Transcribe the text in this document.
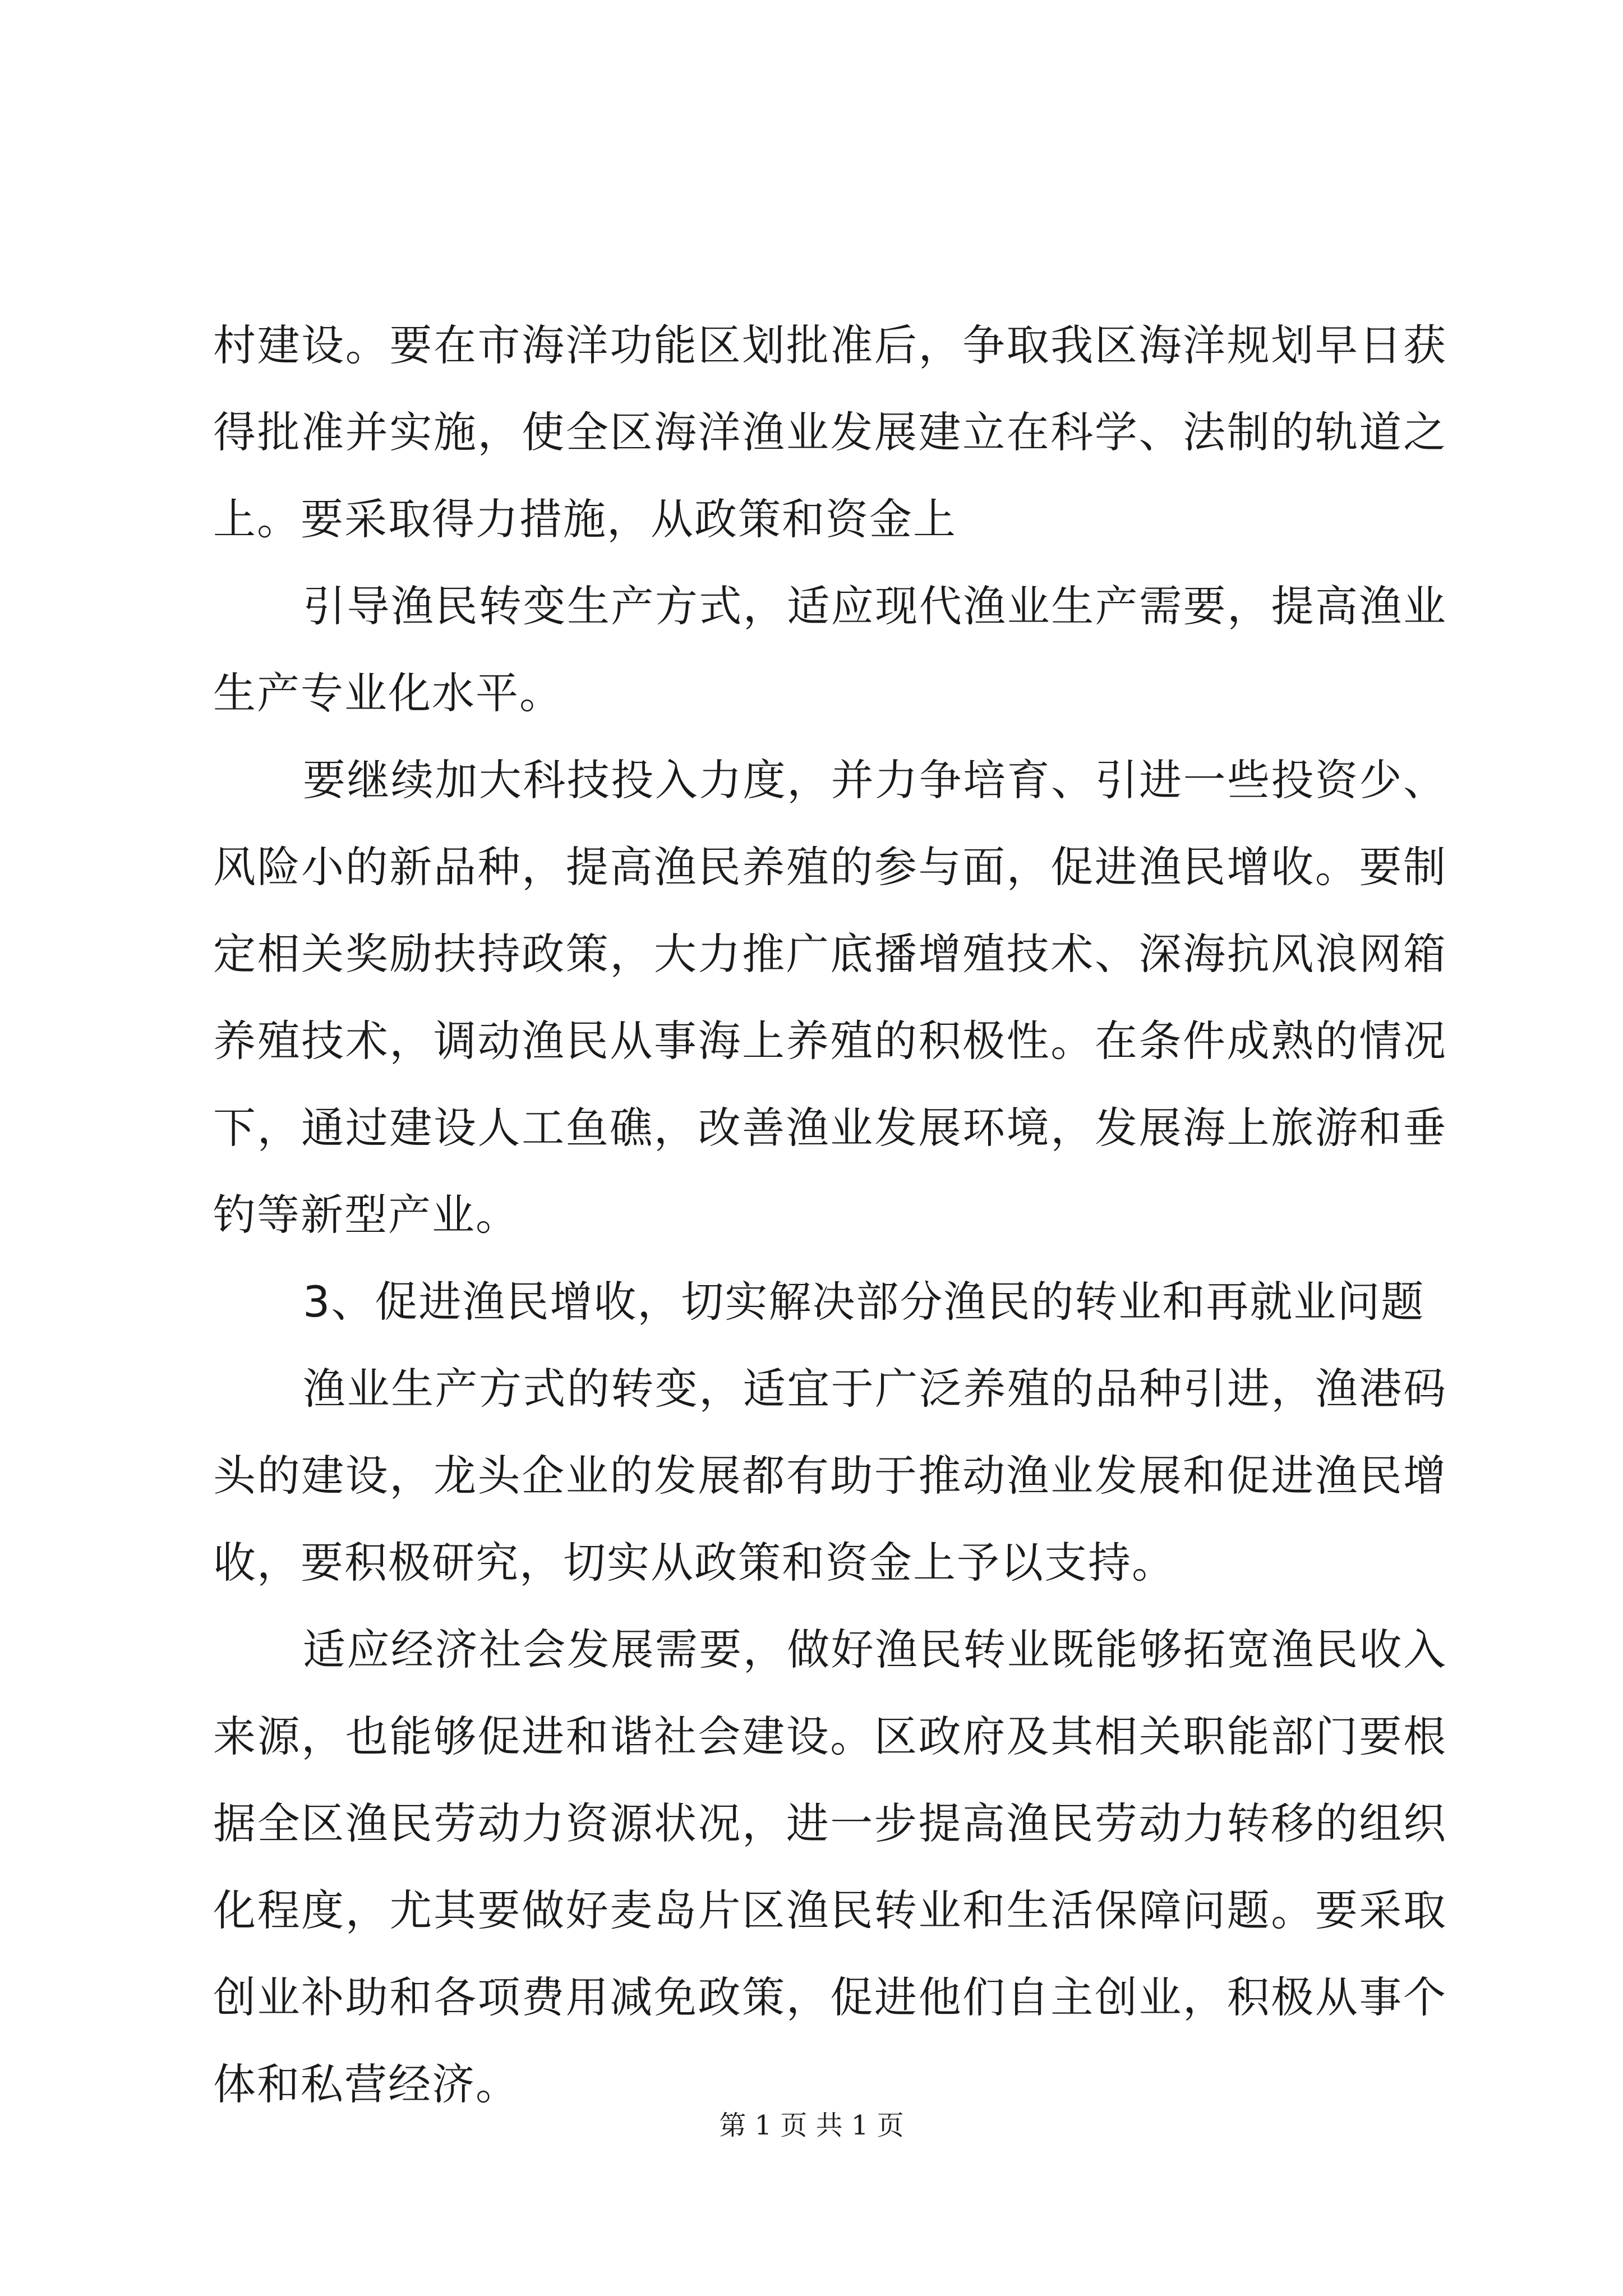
村建设。要在市海洋功能区划批准后，争取我区海洋规划早日获得批准并实施，使全区海洋渔业发展建立在科学、法制的轨道之上。要采取得力措施，从政策和资金上

引导渔民转变生产方式，适应现代渔业生产需要，提高渔业生产专业化水平。

要继续加大科技投入力度，并力争培育、引进一些投资少、风险小的新品种，提高渔民养殖的参与面，促进渔民增收。要制定相关奖励扶持政策，大力推广底播增殖技术、深海抗风浪网箱养殖技术，调动渔民从事海上养殖的积极性。在条件成熟的情况下，通过建设人工鱼礁，改善渔业发展环境，发展海上旅游和垂钓等新型产业。

3、促进渔民增收，切实解决部分渔民的转业和再就业问题

渔业生产方式的转变，适宜于广泛养殖的品种引进，渔港码头的建设，龙头企业的发展都有助于推动渔业发展和促进渔民增收，要积极研究，切实从政策和资金上予以支持。

适应经济社会发展需要，做好渔民转业既能够拓宽渔民收入来源，也能够促进和谐社会建设。区政府及其相关职能部门要根据全区渔民劳动力资源状况，进一步提高渔民劳动力转移的组织化程度，尤其要做好麦岛片区渔民转业和生活保障问题。要采取创业补助和各项费用减免政策，促进他们自主创业，积极从事个体和私营经济。

第 1 页 共 1 页
